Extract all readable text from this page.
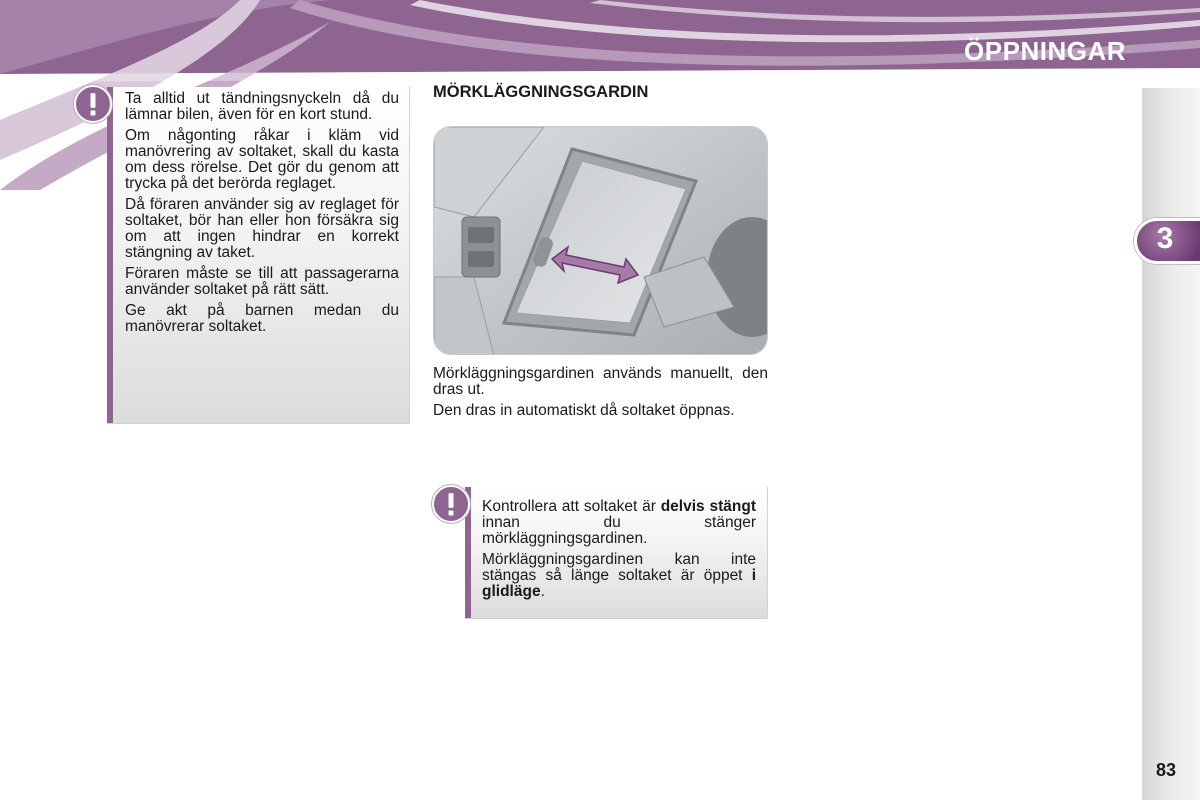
ÖPPNINGAR
3

Ta alltid ut tändningsnyckeln då du lämnar bilen, även för en kort stund.

Om någonting råkar i kläm vid manövrering av soltaket, skall du kasta om dess rörelse. Det gör du genom att trycka på det berörda reglaget.

Då föraren använder sig av reglaget för soltaket, bör han eller hon försäkra sig om att ingen hindrar en korrekt stängning av taket.

Föraren måste se till att passagerarna använder soltaket på rätt sätt.

Ge akt på barnen medan du manövrerar soltaket.

MÖRKLÄGGNINGSGARDIN

Mörkläggningsgardinen används manuellt, den dras ut.

Den dras in automatiskt då soltaket öppnas.

Kontrollera att soltaket är delvis stängt innan du stänger mörkläggningsgardinen.

Mörkläggningsgardinen kan inte stängas så länge soltaket är öppet i glidläge.

83
